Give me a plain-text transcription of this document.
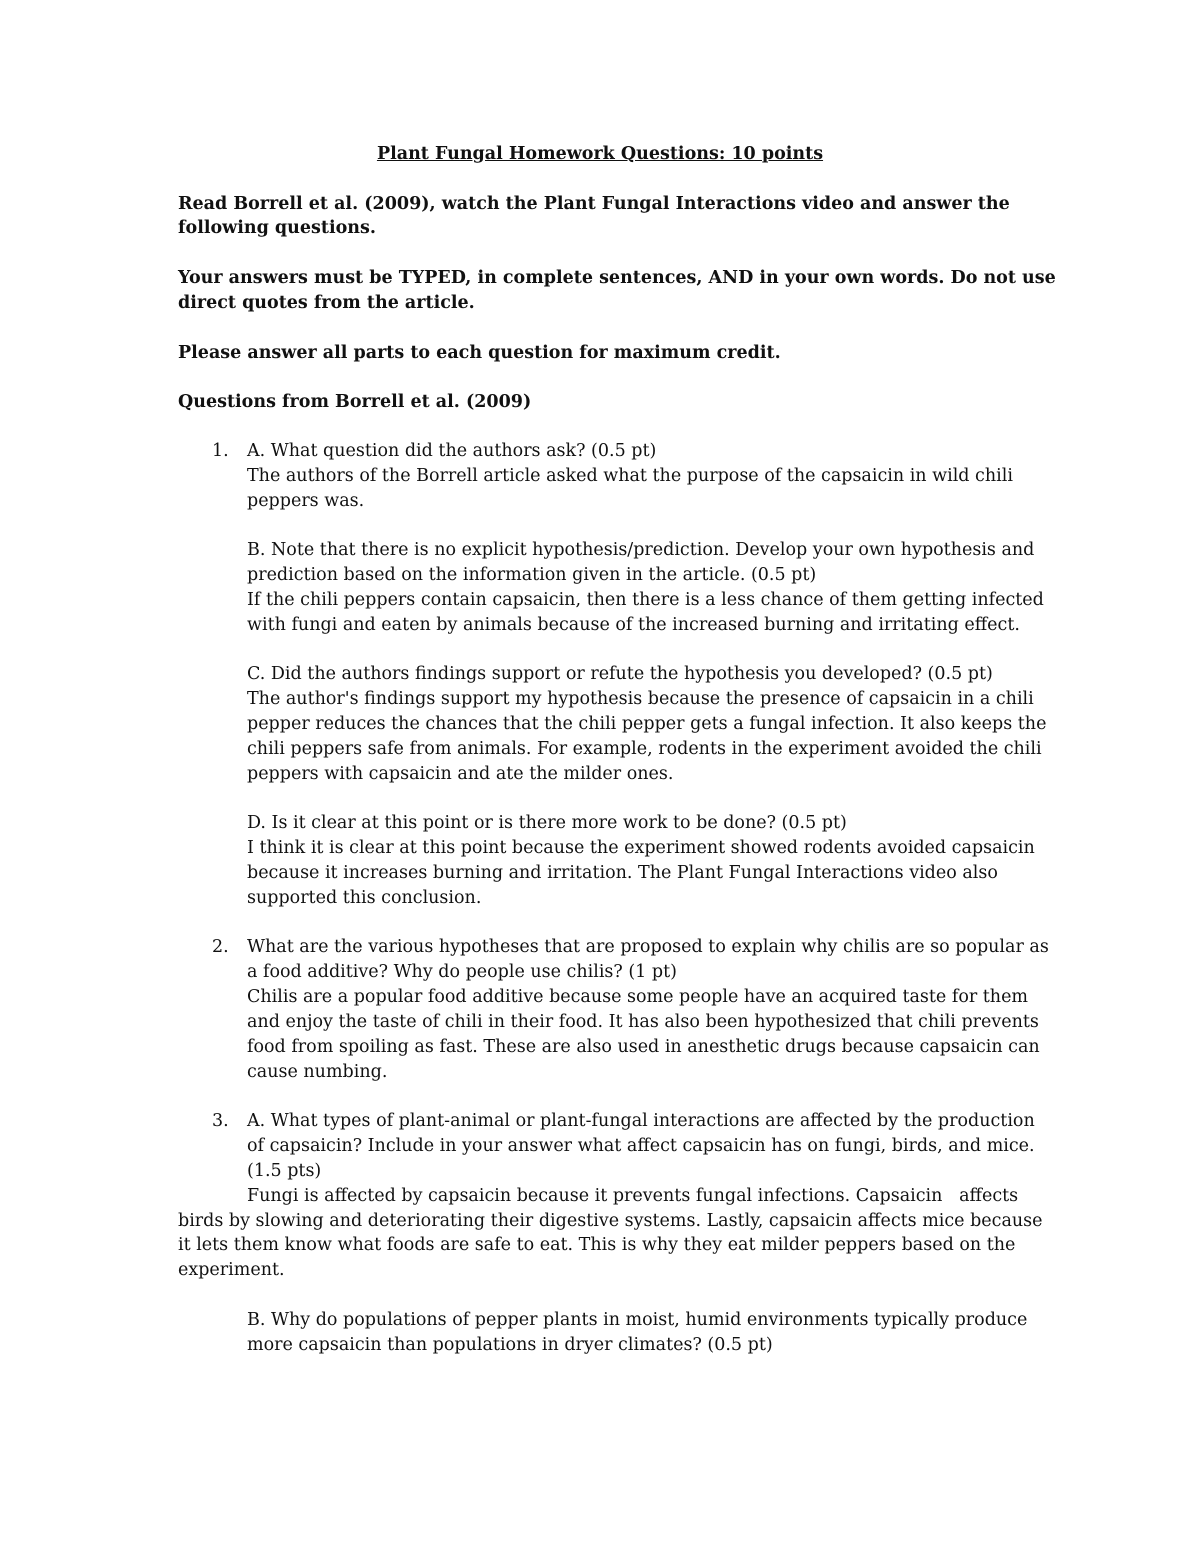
Plant Fungal Homework Questions: 10 points

Read Borrell et al. (2009), watch the Plant Fungal Interactions video and answer the

following questions.

Your answers must be TYPED, in complete sentences, AND in your own words. Do not use

direct quotes from the article.

Please answer all parts to each question for maximum credit.

Questions from Borrell et al. (2009)

1. A. What question did the authors ask? (0.5 pt)

The authors of the Borrell article asked what the purpose of the capsaicin in wild chili

peppers was.

B. Note that there is no explicit hypothesis/prediction. Develop your own hypothesis and

prediction based on the information given in the article. (0.5 pt)

If the chili peppers contain capsaicin, then there is a less chance of them getting infected

with fungi and eaten by animals because of the increased burning and irritating effect.

C. Did the authors findings support or refute the hypothesis you developed? (0.5 pt)

The author's findings support my hypothesis because the presence of capsaicin in a chili

pepper reduces the chances that the chili pepper gets a fungal infection. It also keeps the

chili peppers safe from animals. For example, rodents in the experiment avoided the chili

peppers with capsaicin and ate the milder ones.

D. Is it clear at this point or is there more work to be done? (0.5 pt)

I think it is clear at this point because the experiment showed rodents avoided capsaicin

because it increases burning and irritation. The Plant Fungal Interactions video also

supported this conclusion.

2. What are the various hypotheses that are proposed to explain why chilis are so popular as

a food additive? Why do people use chilis? (1 pt)

Chilis are a popular food additive because some people have an acquired taste for them

and enjoy the taste of chili in their food. It has also been hypothesized that chili prevents

food from spoiling as fast. These are also used in anesthetic drugs because capsaicin can

cause numbing.

3. A. What types of plant-animal or plant-fungal interactions are affected by the production

of capsaicin? Include in your answer what affect capsaicin has on fungi, birds, and mice.

(1.5 pts)

Fungi is affected by capsaicin because it prevents fungal infections. Capsaicin   affects

birds by slowing and deteriorating their digestive systems. Lastly, capsaicin affects mice because

it lets them know what foods are safe to eat. This is why they eat milder peppers based on the

experiment.

B. Why do populations of pepper plants in moist, humid environments typically produce

more capsaicin than populations in dryer climates? (0.5 pt)
